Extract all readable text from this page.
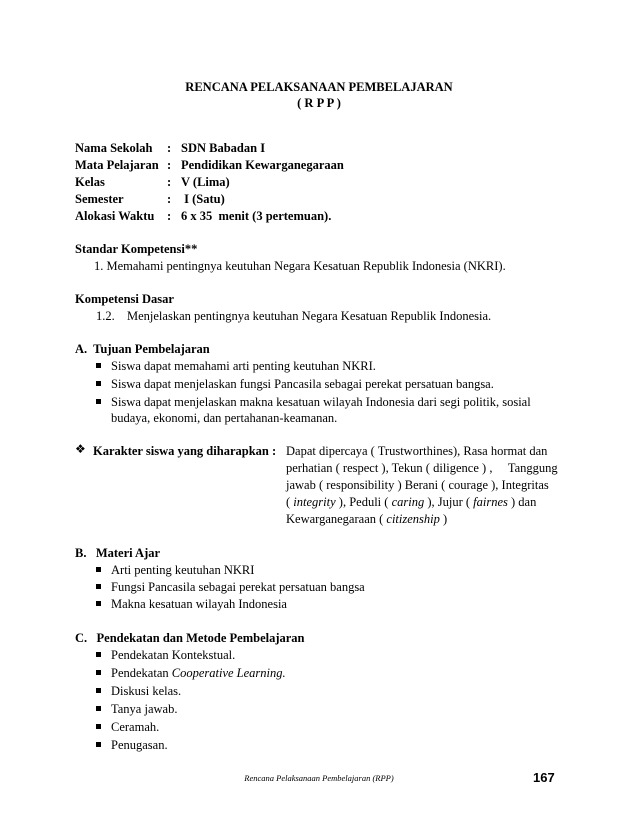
RENCANA PELAKSANAAN PEMBELAJARAN
( R P P )
Nama Sekolah : SDN Babadan I
Mata Pelajaran : Pendidikan Kewarganegaraan
Kelas	: V (Lima)
Semester	: I (Satu)
Alokasi Waktu : 6 x 35  menit (3 pertemuan).
Standar Kompetensi**
1. Memahami pentingnya keutuhan Negara Kesatuan Republik Indonesia (NKRI).
Kompetensi Dasar
1.2. Menjelaskan pentingnya keutuhan Negara Kesatuan Republik Indonesia.
A.  Tujuan Pembelajaran
Siswa dapat memahami arti penting keutuhan NKRI.
Siswa dapat menjelaskan fungsi Pancasila sebagai perekat persatuan bangsa.
Siswa dapat menjelaskan makna kesatuan wilayah Indonesia dari segi politik, sosial
budaya, ekonomi, dan pertahanan-keamanan.
❖ Karakter siswa yang diharapkan : Dapat dipercaya ( Trustworthines), Rasa hormat dan
perhatian ( respect ), Tekun ( diligence ) ,     Tanggung
jawab ( responsibility ) Berani ( courage ), Integritas
( integrity ), Peduli ( caring ), Jujur ( fairnes ) dan
Kewarganegaraan ( citizenship )
B.   Materi Ajar
Arti penting keutuhan NKRI
Fungsi Pancasila sebagai perekat persatuan bangsa
Makna kesatuan wilayah Indonesia
C.   Pendekatan dan Metode Pembelajaran
Pendekatan Kontekstual.
Pendekatan Cooperative Learning.
Diskusi kelas.
Tanya jawab.
Ceramah.
Penugasan.
Rencana Pelaksanaan Pembelajaran (RPP)	167
